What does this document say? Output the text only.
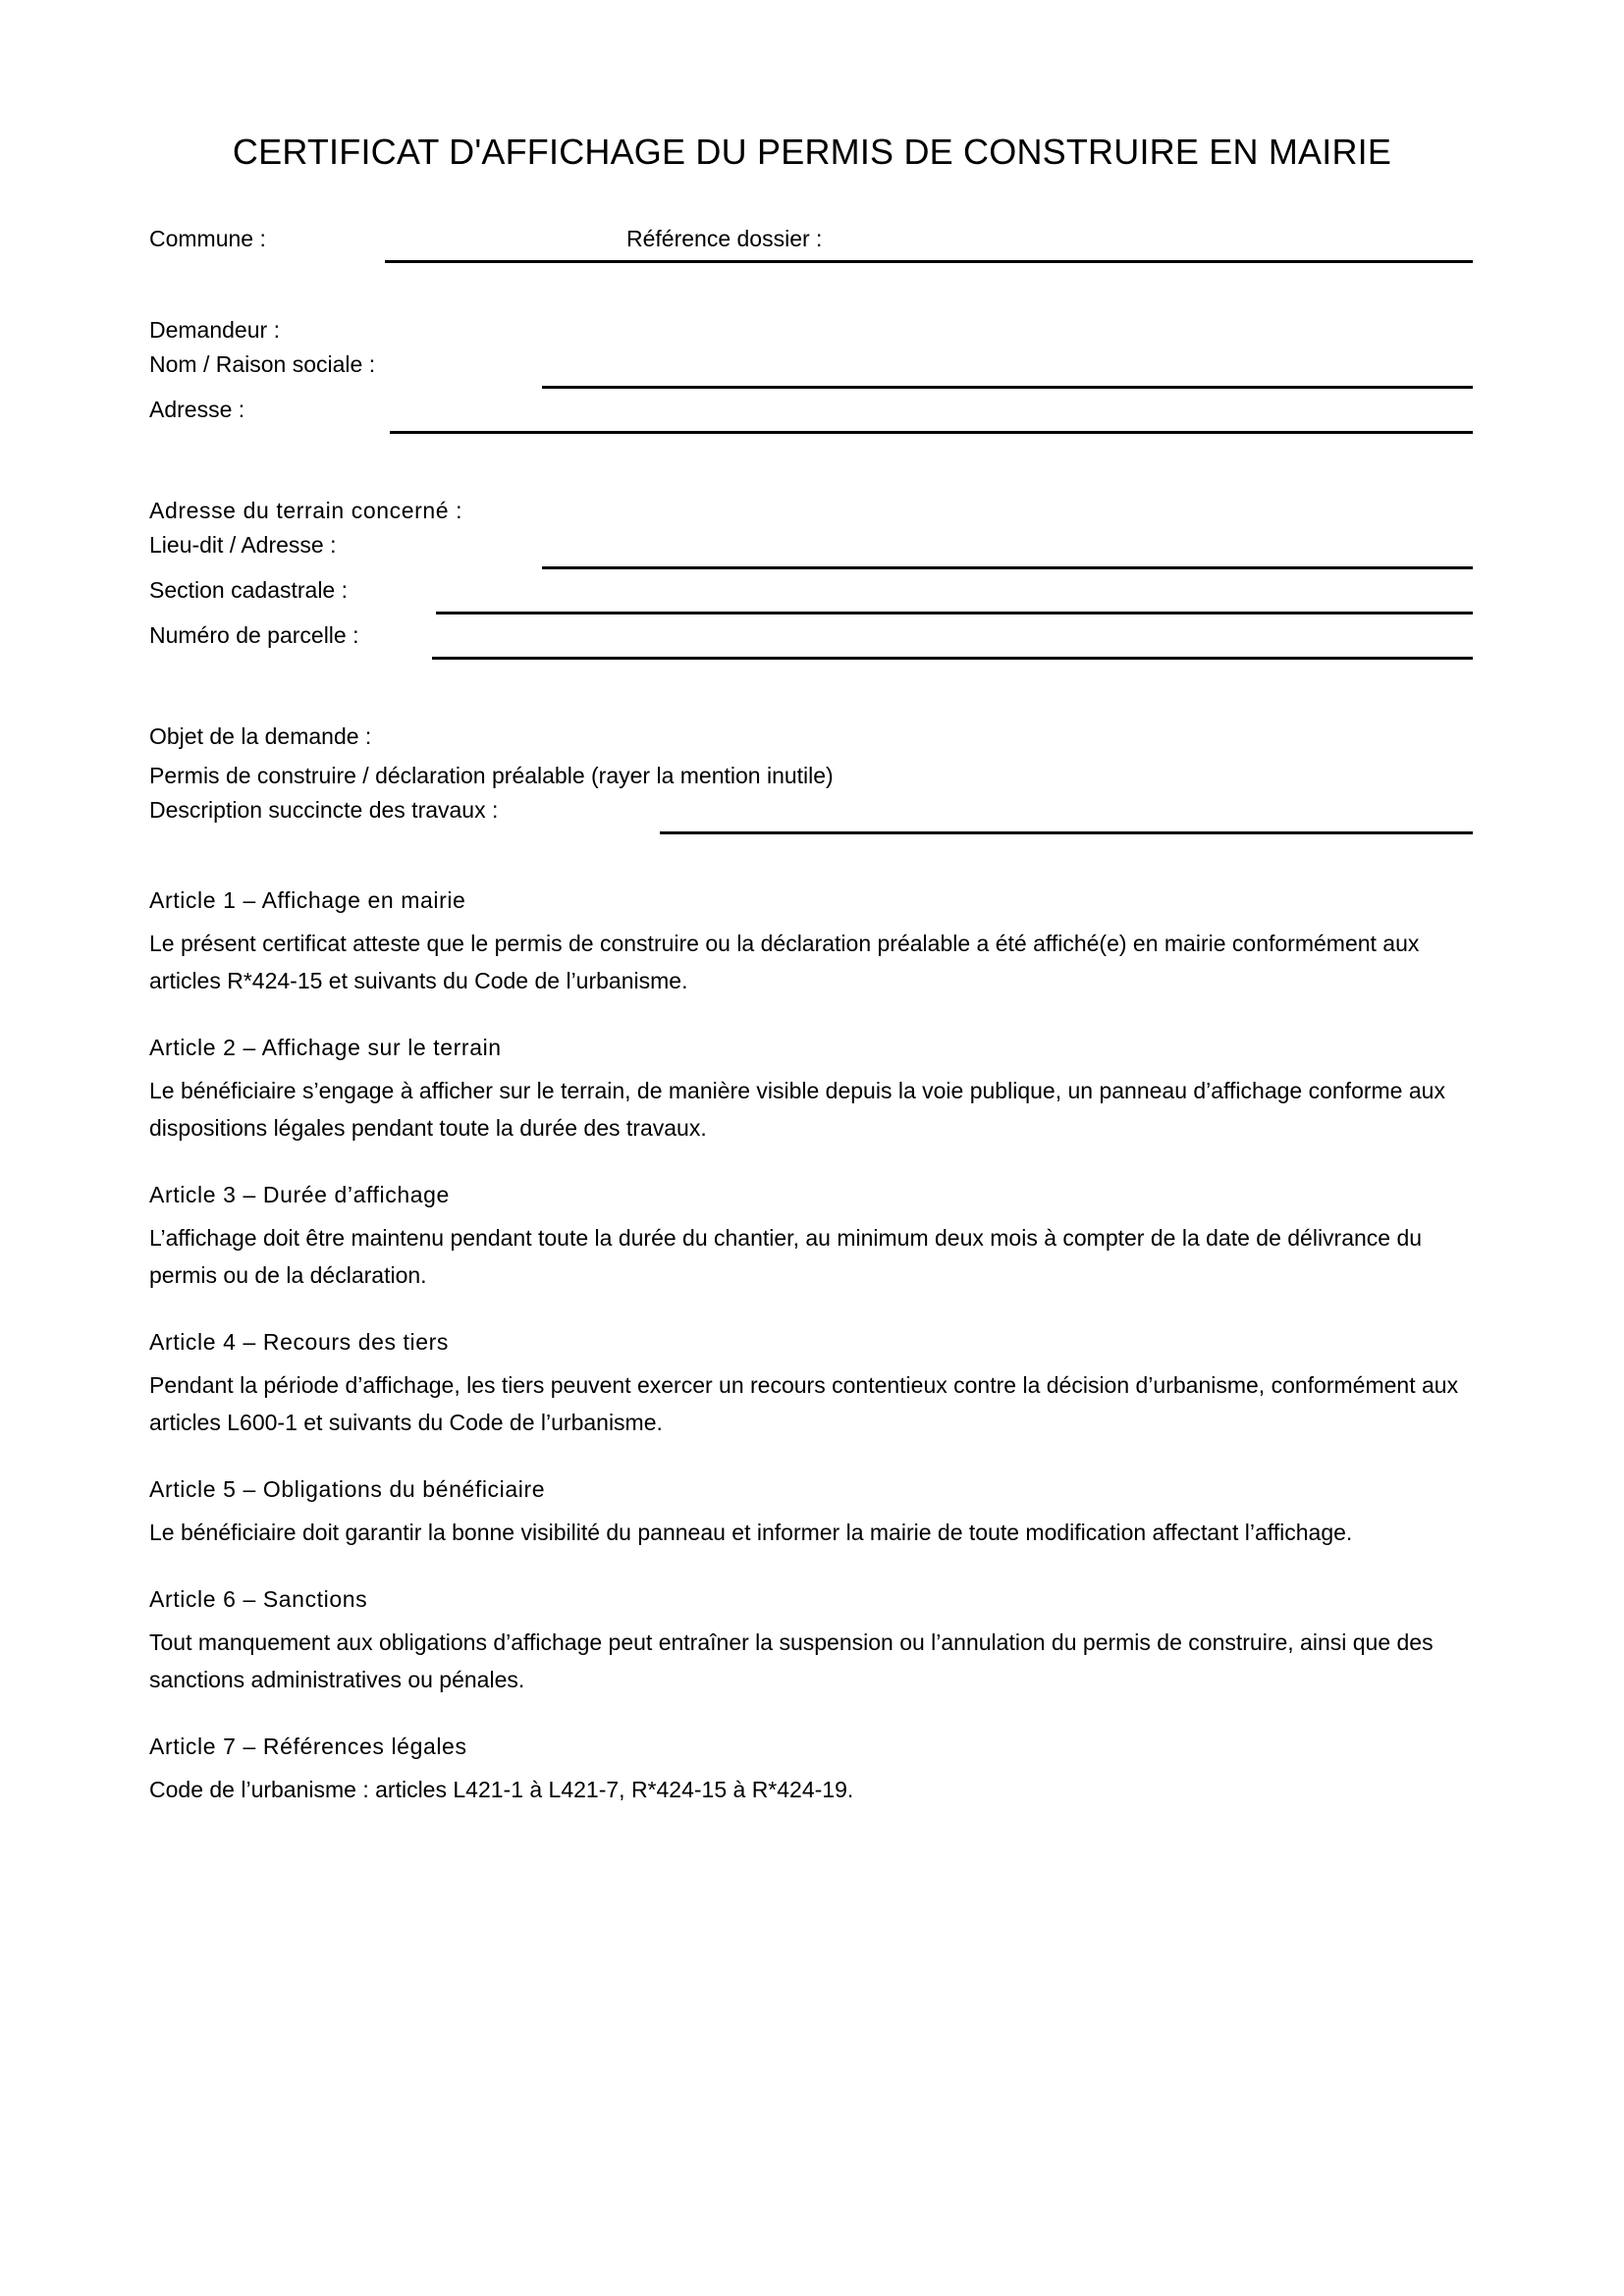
CERTIFICAT D'AFFICHAGE DU PERMIS DE CONSTRUIRE EN MAIRIE
Commune :	Référence dossier :
Demandeur :
Nom / Raison sociale :
Adresse :
Adresse du terrain concerné :
Lieu-dit / Adresse :
Section cadastrale :
Numéro de parcelle :
Objet de la demande :
Permis de construire / déclaration préalable (rayer la mention inutile)
Description succincte des travaux :
Article 1 – Affichage en mairie
Le présent certificat atteste que le permis de construire ou la déclaration préalable a été affiché(e) en mairie conformément aux articles R*424-15 et suivants du Code de l’urbanisme.
Article 2 – Affichage sur le terrain
Le bénéficiaire s’engage à afficher sur le terrain, de manière visible depuis la voie publique, un panneau d’affichage conforme aux dispositions légales pendant toute la durée des travaux.
Article 3 – Durée d’affichage
L’affichage doit être maintenu pendant toute la durée du chantier, au minimum deux mois à compter de la date de délivrance du permis ou de la déclaration.
Article 4 – Recours des tiers
Pendant la période d’affichage, les tiers peuvent exercer un recours contentieux contre la décision d’urbanisme, conformément aux articles L600-1 et suivants du Code de l’urbanisme.
Article 5 – Obligations du bénéficiaire
Le bénéficiaire doit garantir la bonne visibilité du panneau et informer la mairie de toute modification affectant l’affichage.
Article 6 – Sanctions
Tout manquement aux obligations d’affichage peut entraîner la suspension ou l’annulation du permis de construire, ainsi que des sanctions administratives ou pénales.
Article 7 – Références légales
Code de l’urbanisme : articles L421-1 à L421-7, R*424-15 à R*424-19.
